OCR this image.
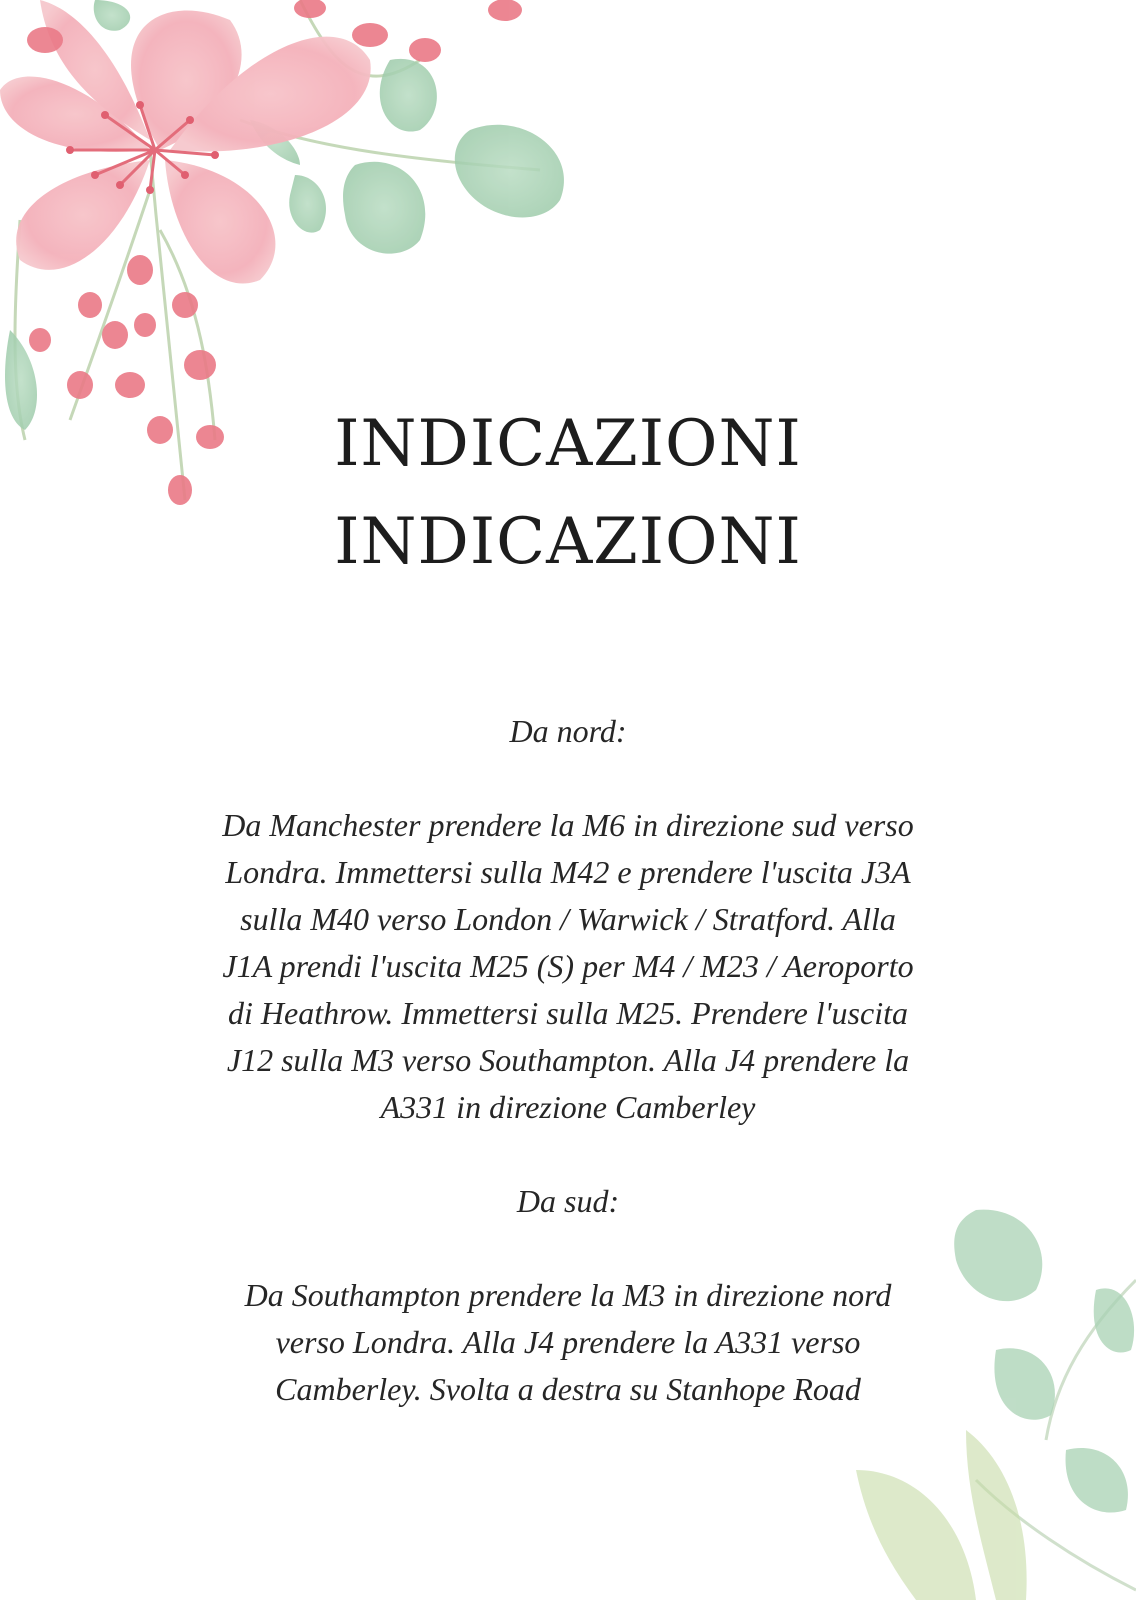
INDICAZIONI
INDICAZIONI

Da nord:

Da Manchester prendere la M6 in direzione sud verso
Londra. Immettersi sulla M42 e prendere l'uscita J3A
sulla M40 verso London / Warwick / Stratford. Alla
J1A prendi l'uscita M25 (S) per M4 / M23 / Aeroporto
di Heathrow. Immettersi sulla M25. Prendere l'uscita
J12 sulla M3 verso Southampton. Alla J4 prendere la
A331 in direzione Camberley

Da sud:

Da Southampton prendere la M3 in direzione nord
verso Londra. Alla J4 prendere la A331 verso
Camberley. Svolta a destra su Stanhope Road
